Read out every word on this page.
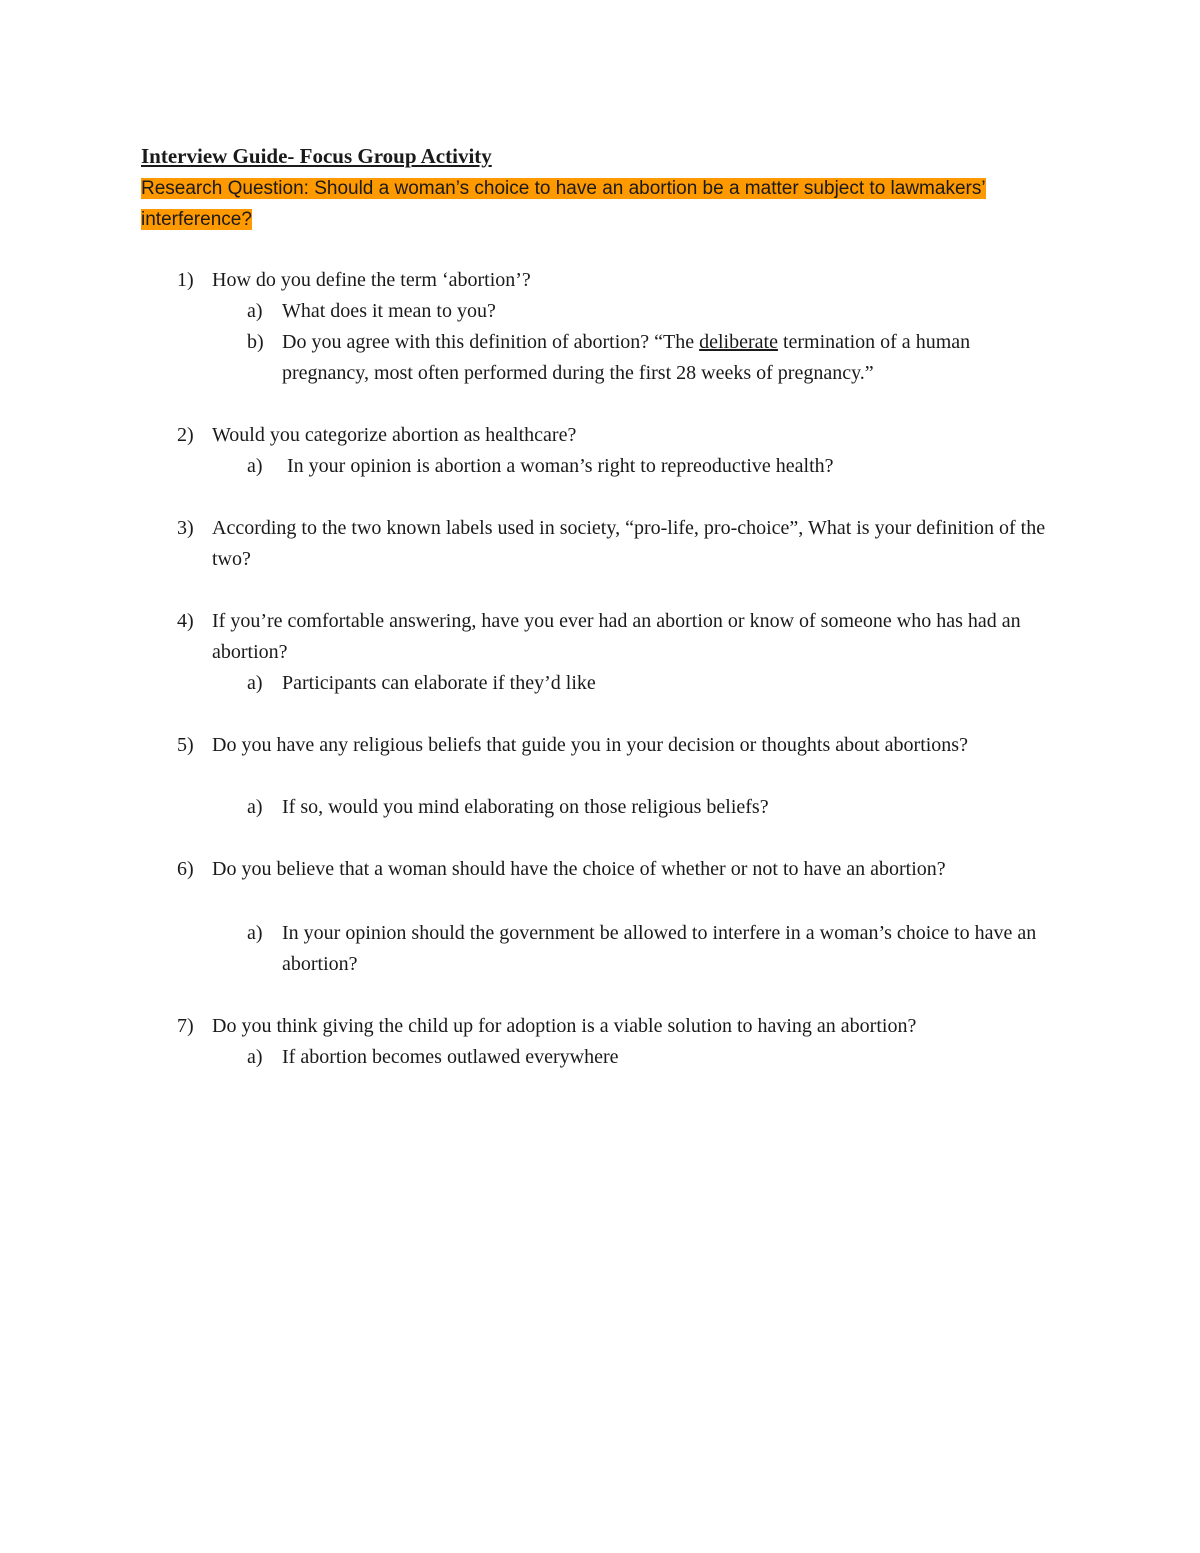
Interview Guide- Focus Group Activity
Research Question: Should a woman’s choice to have an abortion be a matter subject to lawmakers’ interference?
1) How do you define the term ‘abortion’?
a) What does it mean to you?
b) Do you agree with this definition of abortion? “The deliberate termination of a human pregnancy, most often performed during the first 28 weeks of pregnancy.”
2) Would you categorize abortion as healthcare?
a) In your opinion is abortion a woman’s right to repreoductive health?
3) According to the two known labels used in society, “pro-life, pro-choice”, What is your definition of the two?
4) If you’re comfortable answering, have you ever had an abortion or know of someone who has had an abortion?
a) Participants can elaborate if they’d like
5) Do you have any religious beliefs that guide you in your decision or thoughts about abortions?
a) If so, would you mind elaborating on those religious beliefs?
6) Do you believe that a woman should have the choice of whether or not to have an abortion?
a) In your opinion should the government be allowed to interfere in a woman’s choice to have an abortion?
7) Do you think giving the child up for adoption is a viable solution to having an abortion?
a) If abortion becomes outlawed everywhere
